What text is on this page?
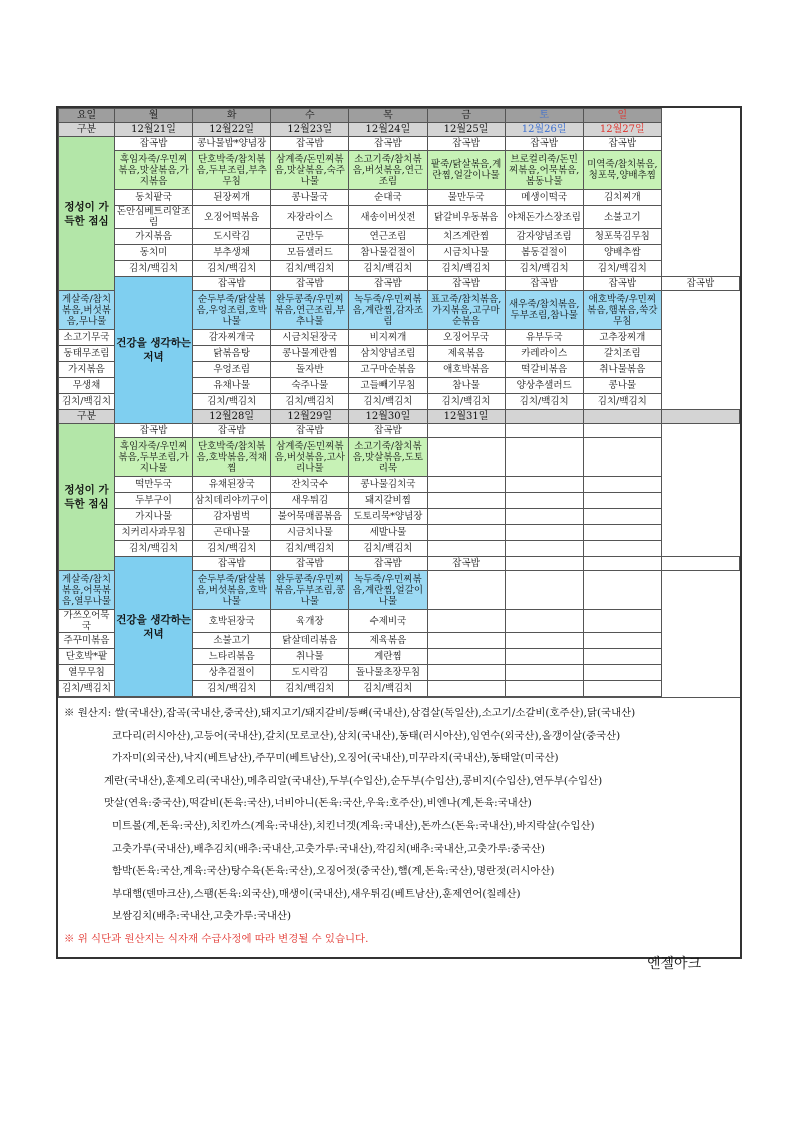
요일	월	화	수	목	금	토	일	
구분	12월21일	12월22일	12월23일	12월24일	12월25일	12월26일	12월27일	
정성이 가득한 점심	잡곡밥	콩나물밥*양념장	잡곡밥	잡곡밥	잡곡밥	잡곡밥	잡곡밥	
	흑임자죽/우민찌볶음,맛살볶음,가지볶음	단호박죽/참치볶음,두부조림,부추무침	삼계죽/돈민찌볶음,맛살볶음,숙주나물	소고기죽/참치볶음,버섯볶음,연근조림	팥죽/닭살볶음,계란찜,얼갈이나물	브로컬리죽/돈민찌볶음,어묵볶음,봄동나물	미역죽/참치볶음,청포묵,양배추찜	
	동치팥국	된장찌개	콩나물국	순대국	물만두국	메생이떡국	김치찌개	
	돈안심베트리알조림	오징어떡볶음	자장라이스	새송이버섯전	닭갈비우동볶음	야채돈가스장조림	소불고기	
	가지볶음	도시락김	군만두	연근조림	치즈계란찜	감자양념조림	청포묵김무침	
	동치미	부추생채	모듬샐러드	참나물겉절이	시금치나물	봄동겉절이	양배추쌈	
	김치/백김치	김치/백김치	김치/백김치	김치/백김치	김치/백김치	김치/백김치	김치/백김치	
	건강을 생각하는 저녁	잡곡밥	잡곡밥	잡곡밥	잡곡밥	잡곡밥	잡곡밥	잡곡밥
게살죽/참치볶음,버섯볶음,무나물		순두부죽/닭살볶음,우엉조림,호박나물	완두콩죽/우민찌볶음,연근조림,부추나물	녹두죽/우민찌볶음,계란찜,감자조림	표고죽/참치볶음,가지볶음,고구마순볶음	새우죽/참치볶음,두부조림,참나물	애호박죽/우민찌볶음,햄볶음,쑥갓무침	
소고기무국		감자찌개국	시금치된장국	비지찌개	오징어무국	유부두국	고추장찌개	
동태무조림		닭볶음탕	콩나물계란찜	삼치양념조림	제육볶음	카레라이스	갈치조림	
가지볶음		우엉조림	돌자반	고구마순볶음	애호박볶음	떡갈비볶음	취나물볶음	
무생채		유채나물	숙주나물	고들빼기무침	참나물	양상추샐러드	콩나물	
김치/백김치		김치/백김치	김치/백김치	김치/백김치	김치/백김치	김치/백김치	김치/백김치	
구분		12월28일	12월29일	12월30일	12월31일			
정성이 가득한 점심	잡곡밥	잡곡밥	잡곡밥	잡곡밥				
	흑임자죽/우민찌볶음,두부조림,가지나물	단호박죽/참치볶음,호박볶음,적채찜	삼계죽/돈민찌볶음,버섯볶음,고사리나물	소고기죽/참치볶음,맛살볶음,도토리묵				
	떡만두국	유채된장국	잔치국수	콩나물김치국				
	두부구이	삼치데리야끼구이	새우튀김	돼지갈비찜				
	가지나물	감자범벅	불어묵매콤볶음	도토리묵*양념장				
	치커리사과무침	곤대나물	시금치나물	세발나물				
	김치/백김치	김치/백김치	김치/백김치	김치/백김치				
	건강을 생각하는 저녁	잡곡밥	잡곡밥	잡곡밥	잡곡밥			
게살죽/참치볶음,어묵볶음,열무나물		순두부죽/닭살볶음,버섯볶음,호박나물	완두콩죽/우민찌볶음,두부조림,콩나물	녹두죽/우민찌볶음,계란찜,얼갈이나물				
가쓰오어묵국		호박된장국	육개장	수제비국				
주꾸미볶음		소불고기	닭살데리볶음	제육볶음				
단호박*팥		느타리볶음	취나물	계란찜				
열무무침		상추겉절이	도시락김	돌나물초장무침				
김치/백김치		김치/백김치	김치/백김치	김치/백김치				
※ 원산지: 쌀(국내산),잡곡(국내산,중국산),돼지고기/돼지갈비/등뼈(국내산),삼겹살(독일산),소고기/소갈비(호주산),닭(국내산)
코다리(러시아산),고등어(국내산),갈치(모로코산),삼치(국내산),동태(러시아산),임연수(외국산),올갱이살(중국산)
가자미(외국산),낙지(베트남산),주꾸미(베트남산),오징어(국내산),미꾸라지(국내산),동태알(미국산)
계란(국내산),훈제오리(국내산),메추리알(국내산),두부(수입산),순두부(수입산),콩비지(수입산),연두부(수입산)
맛살(연육:중국산),떡갈비(돈육:국산),너비아니(돈육:국산,우육:호주산),비엔나(계,돈육:국내산)
미트볼(계,돈육:국산),치킨까스(계육:국내산),치킨너겟(계육:국내산),돈까스(돈육:국내산),바지락살(수입산)
고춧가루(국내산),배추김치(배추:국내산,고춧가루:국내산),깍김치(배추:국내산,고춧가루:중국산)
함박(돈육:국산,계육:국산)탕수육(돈육:국산),오징어젓(중국산),햄(계,돈육:국산),명란젓(러시아산)
부대햄(덴마크산),스팸(돈육:외국산),매생이(국내산),새우튀김(베트남산),훈제연어(칠레산)
보쌈김치(배추:국내산,고춧가루:국내산)
※ 위 식단과 원산지는 식자재 수급사정에 따라 변경될 수 있습니다.
엔젤아크
